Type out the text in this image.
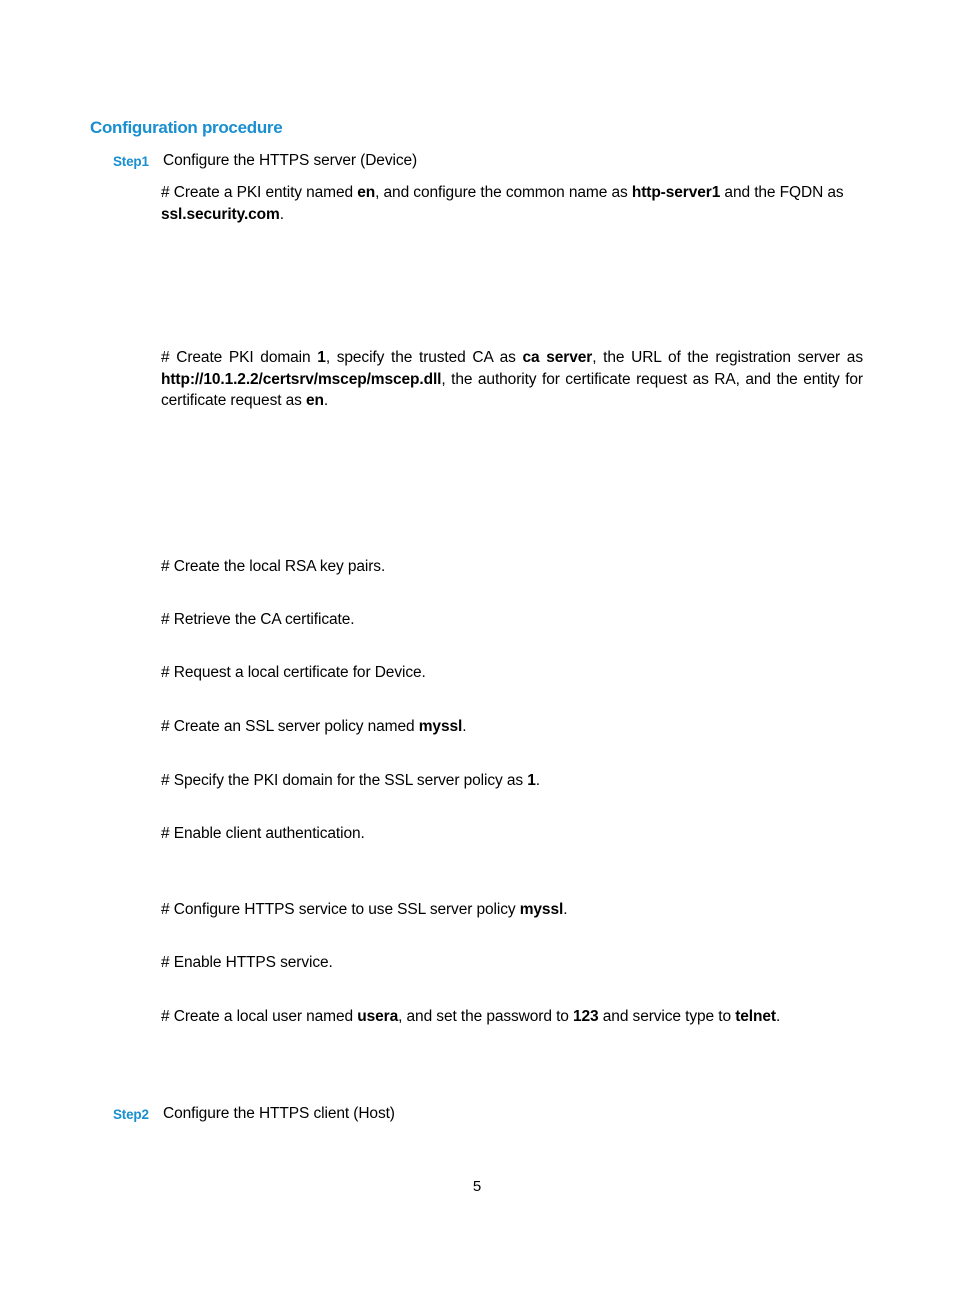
Configuration procedure
Step1 Configure the HTTPS server (Device)
# Create a PKI entity named en, and configure the common name as http-server1 and the FQDN as
ssl.security.com.
# Create PKI domain 1, specify the trusted CA as ca server, the URL of the registration server as http://10.1.2.2/certsrv/mscep/mscep.dll, the authority for certificate request as RA, and the entity for certificate request as en.
# Create the local RSA key pairs.
# Retrieve the CA certificate.
# Request a local certificate for Device.
# Create an SSL server policy named myssl.
# Specify the PKI domain for the SSL server policy as 1.
# Enable client authentication.
# Configure HTTPS service to use SSL server policy myssl.
# Enable HTTPS service.
# Create a local user named usera, and set the password to 123 and service type to telnet.
Step2 Configure the HTTPS client (Host)
5
